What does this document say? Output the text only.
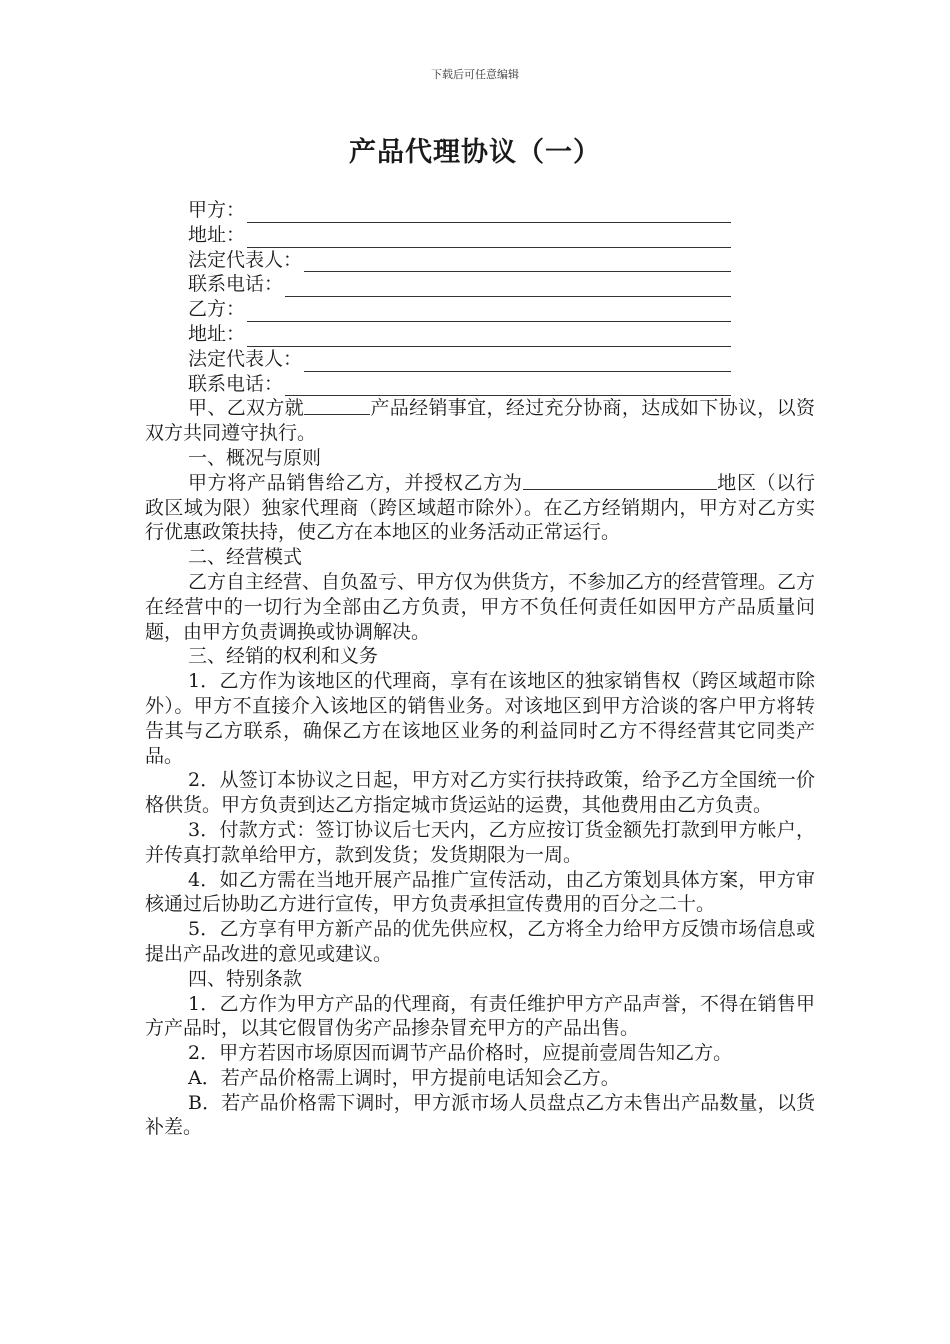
下载后可任意编辑
产品代理协议（一）
甲方：
地址：
法定代表人：
联系电话：
乙方：
地址：
法定代表人：
联系电话：

甲、乙双方就	产品经销事宜，经过充分协商，达成如下协议，以资双方共同遵守执行。

一、概况与原则

甲方将产品销售给乙方，并授权乙方为	地区（以行政区域为限）独家代理商（跨区域超市除外）。在乙方经销期内，甲方对乙方实行优惠政策扶持，使乙方在本地区的业务活动正常运行。

二、经营模式

乙方自主经营、自负盈亏、甲方仅为供货方，不参加乙方的经营管理。乙方在经营中的一切行为全部由乙方负责，甲方不负任何责任如因甲方产品质量问题，由甲方负责调换或协调解决。

三、经销的权利和义务

1．乙方作为该地区的代理商，享有在该地区的独家销售权（跨区域超市除外）。甲方不直接介入该地区的销售业务。对该地区到甲方洽谈的客户甲方将转告其与乙方联系，确保乙方在该地区业务的利益同时乙方不得经营其它同类产品。

2．从签订本协议之日起，甲方对乙方实行扶持政策，给予乙方全国统一价格供货。甲方负责到达乙方指定城市货运站的运费，其他费用由乙方负责。

3．付款方式：签订协议后七天内，乙方应按订货金额先打款到甲方帐户，并传真打款单给甲方，款到发货；发货期限为一周。

4．如乙方需在当地开展产品推广宣传活动，由乙方策划具体方案，甲方审核通过后协助乙方进行宣传，甲方负责承担宣传费用的百分之二十。

5．乙方享有甲方新产品的优先供应权，乙方将全力给甲方反馈市场信息或提出产品改进的意见或建议。

四、特别条款

1．乙方作为甲方产品的代理商，有责任维护甲方产品声誉，不得在销售甲方产品时，以其它假冒伪劣产品掺杂冒充甲方的产品出售。

2．甲方若因市场原因而调节产品价格时，应提前壹周告知乙方。

A．若产品价格需上调时，甲方提前电话知会乙方。

B．若产品价格需下调时，甲方派市场人员盘点乙方未售出产品数量，以货补差。
